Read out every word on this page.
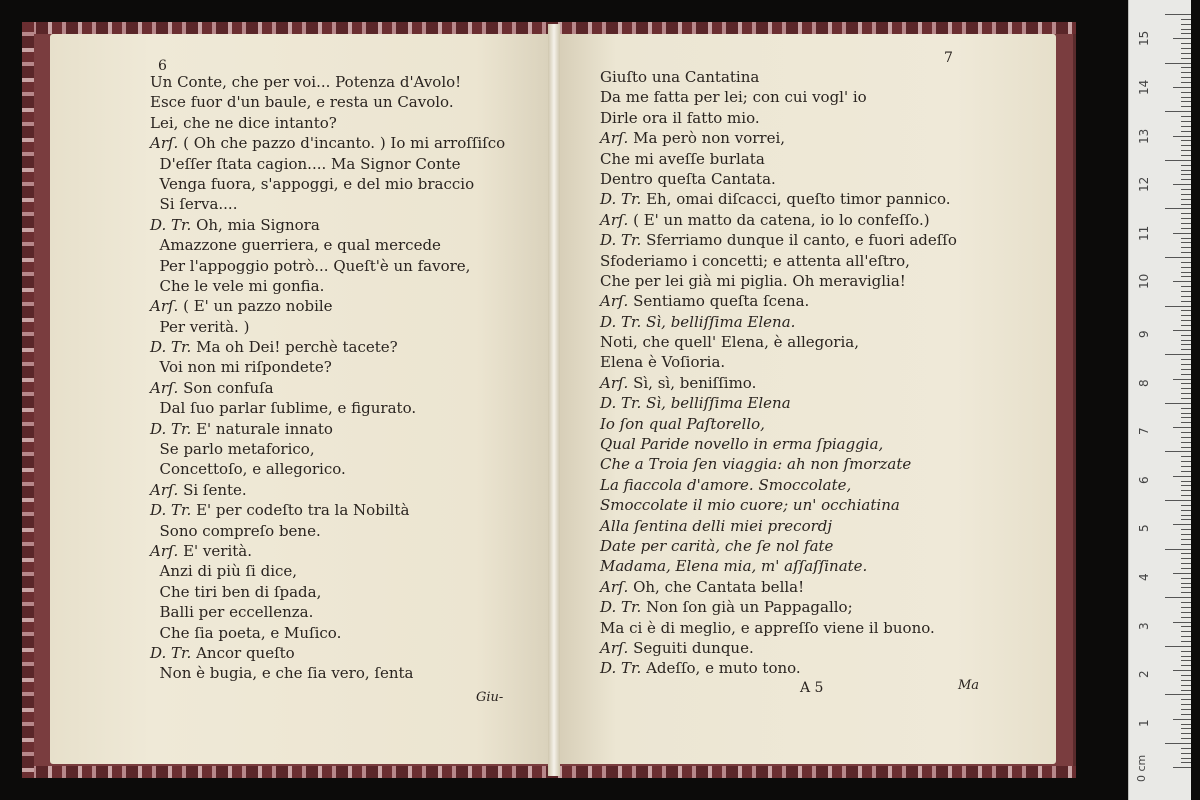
6	7
Un Conte, che per voi... Potenza d'Avolo!
Esce fuor d'un baule, e resta un Cavolo.
Lei, che ne dice intanto?
Arſ. ( Oh che pazzo d'incanto. ) Io mi arroſſiſco
D'eſſer ſtata cagion.... Ma Signor Conte
Venga fuora, s'appoggi, e del mio braccio
Si ſerva....
D. Tr. Oh, mia Signora
Amazzone guerriera, e qual mercede
Per l'appoggio potrò... Queſt'è un favore,
Che le vele mi gonfia.
Arſ. ( E' un pazzo nobile
Per verità. )
D. Tr. Ma oh Dei! perchè tacete?
Voi non mi riſpondete?
Arſ. Son confuſa
Dal ſuo parlar ſublime, e figurato.
D. Tr. E' naturale innato
Se parlo metaforico,
Concettoſo, e allegorico.
Arſ. Si ſente.
D. Tr. E' per codeſto tra la Nobiltà
Sono compreſo bene.
Arſ. E' verità.
Anzi di più ſi dice,
Che tiri ben di ſpada,
Balli per eccellenza.
Che ſia poeta, e Muſico.
D. Tr. Ancor queſto
Non è bugia, e che ſia vero, ſenta
Giuſto una Cantatina
Da me fatta per lei; con cui vogl' io
Dirle ora il fatto mio.
Arſ. Ma però non vorrei,
Che mi aveſſe burlata
Dentro queſta Cantata.
D. Tr. Eh, omai diſcacci, queſto timor pannico.
Arſ. ( E' un matto da catena, io lo confeſſo.)
D. Tr. Sferriamo dunque il canto, e fuori adeſſo
Sfoderiamo i concetti; e attenta all'eſtro,
Che per lei già mi piglia. Oh meraviglia!
Arſ. Sentiamo queſta ſcena.
D. Tr. Sì, belliſſima Elena.
Noti, che quell' Elena, è allegoria,
Elena è Voſioria.
Arſ. Sì, sì, beniſſimo.
D. Tr. Sì, belliſſima Elena
Io ſon qual Paſtorello,
Qual Paride novello in erma ſpiaggia,
Che a Troia ſen viaggia: ah non ſmorzate
La fiaccola d'amore. Smoccolate,
Smoccolate il mio cuore; un' occhiatina
Alla ſentina delli miei precordj
Date per carità, che ſe nol fate
Madama, Elena mia, m' aſſaſſinate.
Arſ. Oh, che Cantata bella!
D. Tr. Non ſon già un Pappagallo;
Ma ci è di meglio, e appreſſo viene il buono.
Arſ. Seguiti dunque.
D. Tr. Adeſſo, e muto tono.
Giu-
A 5	Ma
15
14
13
12
11
10
9
8
7
6
5
4
3
2
1
0 cm
